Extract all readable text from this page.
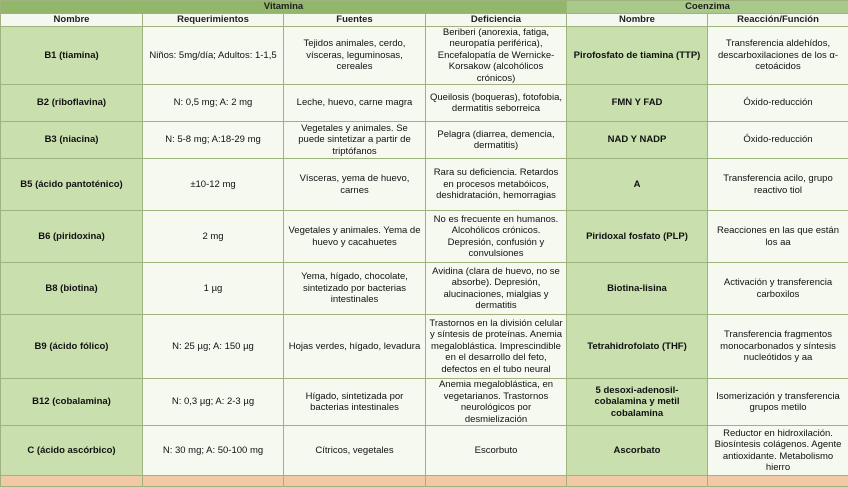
Vitamina				Coenzima	
Nombre	Requerimientos	Fuentes	Deficiencia	Nombre	Reacción/Función
B1 (tiamina)	Niños: 5mg/día; Adultos: 1-1,5	Tejidos animales, cerdo, vísceras, leguminosas, cereales	Beriberi (anorexia, fatiga, neuropatía periférica), Encefalopatía de Wernicke-Korsakow (alcohólicos crónicos)	Pirofosfato de tiamina (TTP)	Transferencia aldehídos, descarboxilaciones de los α-cetoácidos
B2 (riboflavina)	N: 0,5 mg; A: 2 mg	Leche, huevo, carne magra	Queilosis (boqueras), fotofobia, dermatitis seborreica	FMN Y FAD	Óxido-reducción
B3 (niacina)	N: 5-8 mg; A:18-29 mg	Vegetales y animales. Se puede sintetizar a partir de triptófanos	Pelagra (diarrea, demencia, dermatitis)	NAD Y NADP	Óxido-reducción
B5 (ácido pantoténico)	±10-12 mg	Vísceras, yema de huevo, carnes	Rara su deficiencia. Retardos en procesos metabóicos, deshidratación, hemorragias	A	Transferencia acilo, grupo reactivo tiol
B6 (piridoxina)	2 mg	Vegetales y animales. Yema de huevo y cacahuetes	No es frecuente en humanos. Alcohólicos crónicos. Depresión, confusión y convulsiones	Piridoxal fosfato (PLP)	Reacciones en las que están los aa
B8 (biotina)	1 µg	Yema, hígado, chocolate, sintetizado por bacterias intestinales	Avidina (clara de huevo, no se absorbe). Depresión, alucinaciones, mialgias y dermatitis	Biotina-lisina	Activación y transferencia carboxilos
B9 (ácido fólico)	N: 25 µg; A: 150 µg	Hojas verdes, hígado, levadura	Trastornos en la división celular y síntesis de proteínas. Anemia megaloblástica. Imprescindible en el desarrollo del feto, defectos en el tubo neural	Tetrahidrofolato (THF)	Transferencia fragmentos monocarbonados y síntesis nucleótidos y aa
B12 (cobalamina)	N: 0,3 µg; A: 2-3 µg	Hígado, sintetizada por bacterias intestinales	Anemia megaloblástica, en vegetarianos. Trastornos neurológicos por desmielización	5 desoxi-adenosil-cobalamina y metil cobalamina	Isomerización y transferencia grupos metilo
C (ácido ascórbico)	N: 30 mg; A: 50-100 mg	Cítricos, vegetales	Escorbuto	Ascorbato	Reductor en hidroxilación. Biosíntesis colágenos. Agente antioxidante. Metabolismo hierro
